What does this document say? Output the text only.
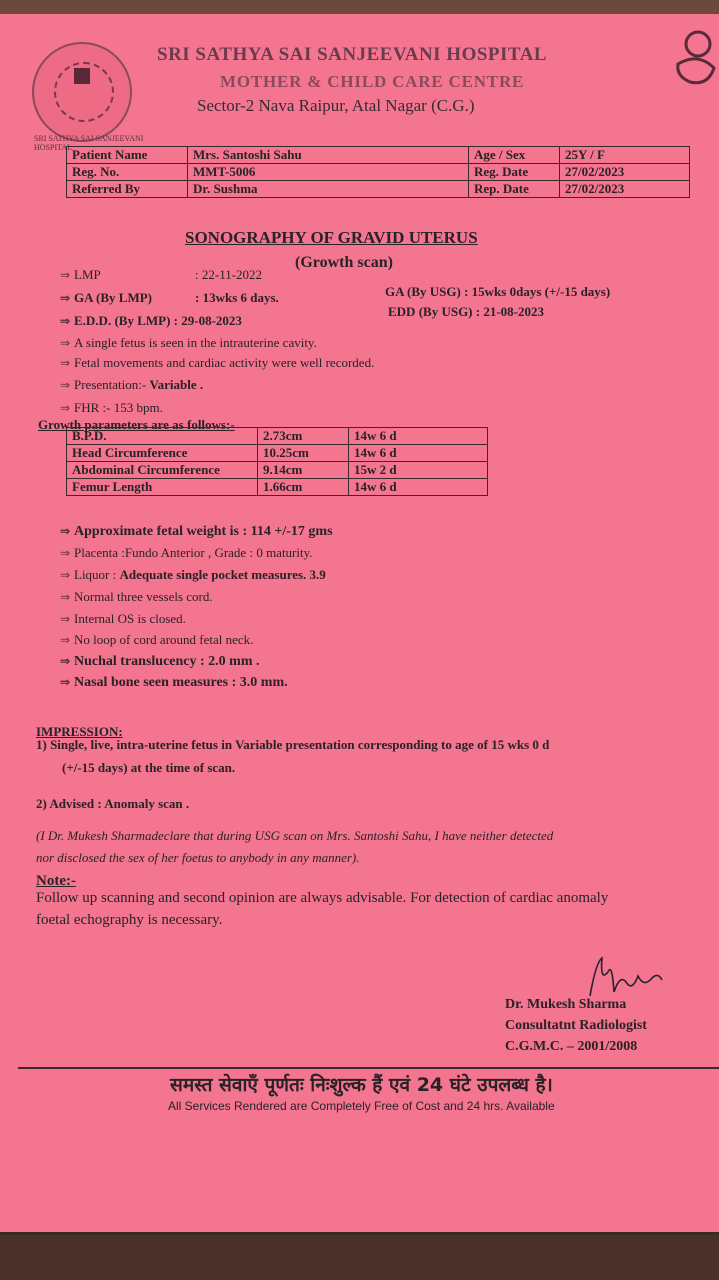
SRI SATHYA SAI SANJEEVANI HOSPITAL
SRI SATHYA SAI SANJEEVANI HOSPITAL
MOTHER & CHILD CARE CENTRE
Sector-2 Nava Raipur, Atal Nagar (C.G.)
Patient Name	Mrs. Santoshi Sahu	Age / Sex	25Y / F
Reg. No.	MMT-5006	Reg. Date	27/02/2023
Referred By	Dr. Sushma	Rep. Date	27/02/2023
SONOGRAPHY OF GRAVID UTERUS
(Growth scan)
⇒ LMP	: 22-11-2022
⇒ GA (By LMP)	: 13wks 6 days.	GA (By USG) : 15wks 0days (+/-15 days)
⇒ E.D.D. (By LMP) : 29-08-2023
EDD (By USG) : 21-08-2023
⇒ A single fetus is seen in the intrauterine cavity.
⇒ Fetal movements and cardiac activity were well recorded.
⇒ Presentation:- Variable .
⇒ FHR :- 153 bpm.
Growth parameters are as follows:-
B.P.D.	2.73cm	14w 6 d
Head Circumference	10.25cm	14w 6 d
Abdominal Circumference	9.14cm	15w 2 d
Femur Length	1.66cm	14w 6 d
⇒ Approximate fetal weight is : 114 +/-17 gms
⇒ Placenta :Fundo Anterior , Grade : 0 maturity.
⇒ Liquor : Adequate single pocket measures. 3.9
⇒ Normal three vessels cord.
⇒ Internal OS is closed.
⇒ No loop of cord around fetal neck.
⇒ Nuchal translucency : 2.0 mm .
⇒ Nasal bone seen measures : 3.0 mm.
IMPRESSION:
1) Single, live, intra-uterine fetus in Variable presentation corresponding to age of 15 wks 0 d
(+/-15 days) at the time of scan.
2) Advised : Anomaly scan .
(I Dr. Mukesh Sharmadeclare that during USG scan on Mrs. Santoshi Sahu, I have neither detected
nor disclosed the sex of her foetus to anybody in any manner).
Note:-
Follow up scanning and second opinion are always advisable. For detection of cardiac anomaly
foetal echography is necessary.
Dr. Mukesh Sharma
Consultatnt Radiologist
C.G.M.C. – 2001/2008
समस्त सेवाएँ पूर्णतः निःशुल्क हैं एवं 24 घंटे उपलब्ध है।
All Services Rendered are Completely Free of Cost and 24 hrs. Available
